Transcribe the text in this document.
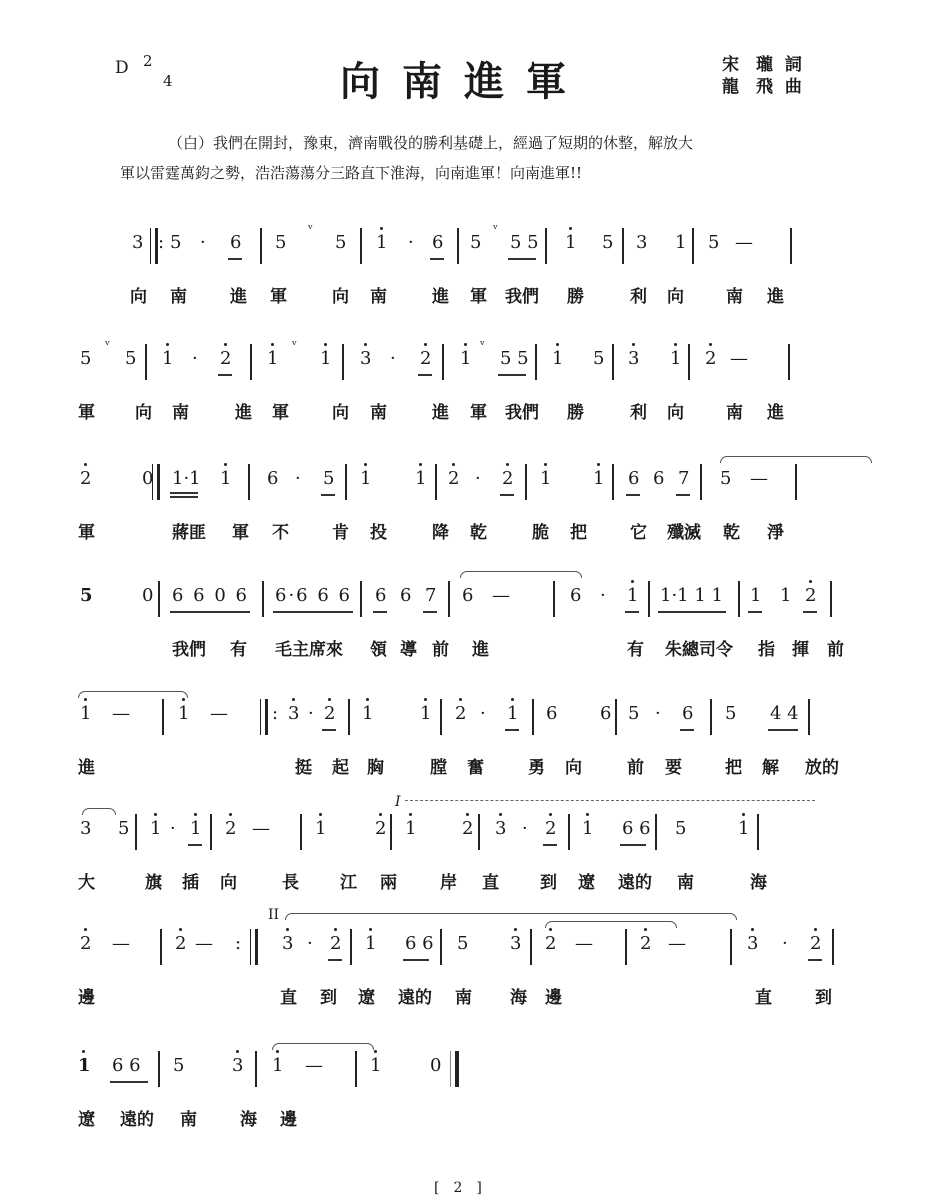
D 2
4	向南進軍	宋　瓏 詞
龍　飛 曲
（白）我們在開封，豫東，濟南戰役的勝利基礎上，經過了短期的休整，解放大
軍以雷霆萬鈞之勢，浩浩蕩蕩分三路直下淮海，向南進軍！向南進軍!!
3 : 5 · 6 5
ᵛ
5 1 · 6 5
ᵛ
5 5 1 5 3 1 5 —
向 南	進 軍	向 南	進 軍 我們 勝	利 向 南 進
5
ᵛ
5 1 · 2 1
ᵛ
1 3 · 2 1
ᵛ
5 5 1 5 3 1 2 —
軍 向 南	進 軍	向 南	進 軍 我們 勝	利 向 南 進
2	0 1·1 1 6 · 5 1 1 2 · 2 1 1 6 6 7 5 —
軍	蔣匪 軍 不	肯 投	降 乾	脆 把	它 殲滅 乾 淨
5	0 6 6 0 6 6·6 6 6 6 6 7 6 —	6 · 1 1·1 1 1 1 1 2
我們 有 毛主席來 領 導 前 進	有 朱總司令 指 揮 前
1 —	1 — : 3 · 2 1	1 2 · 1 6 6 5 · 6 5 4 4
進	挺 起 胸	膛 奮	勇 向	前 要	把 解 放的
3 5 1 · 1 2 —	1	2 1	2
I
3 · 2 1 6 6 5	1
大	旗 插 向	長 江 兩	岸 直 到 遼 遠的 南	海
2 —	2 — :
II
3 · 2 1 6 6 5 3 2 —	2 —	3 · 2
邊	直 到 遼 遠的 南 海 邊	直	到
1 6 6 5	3 1 —	1	0
遼 遠的 南	海 邊
[2]
